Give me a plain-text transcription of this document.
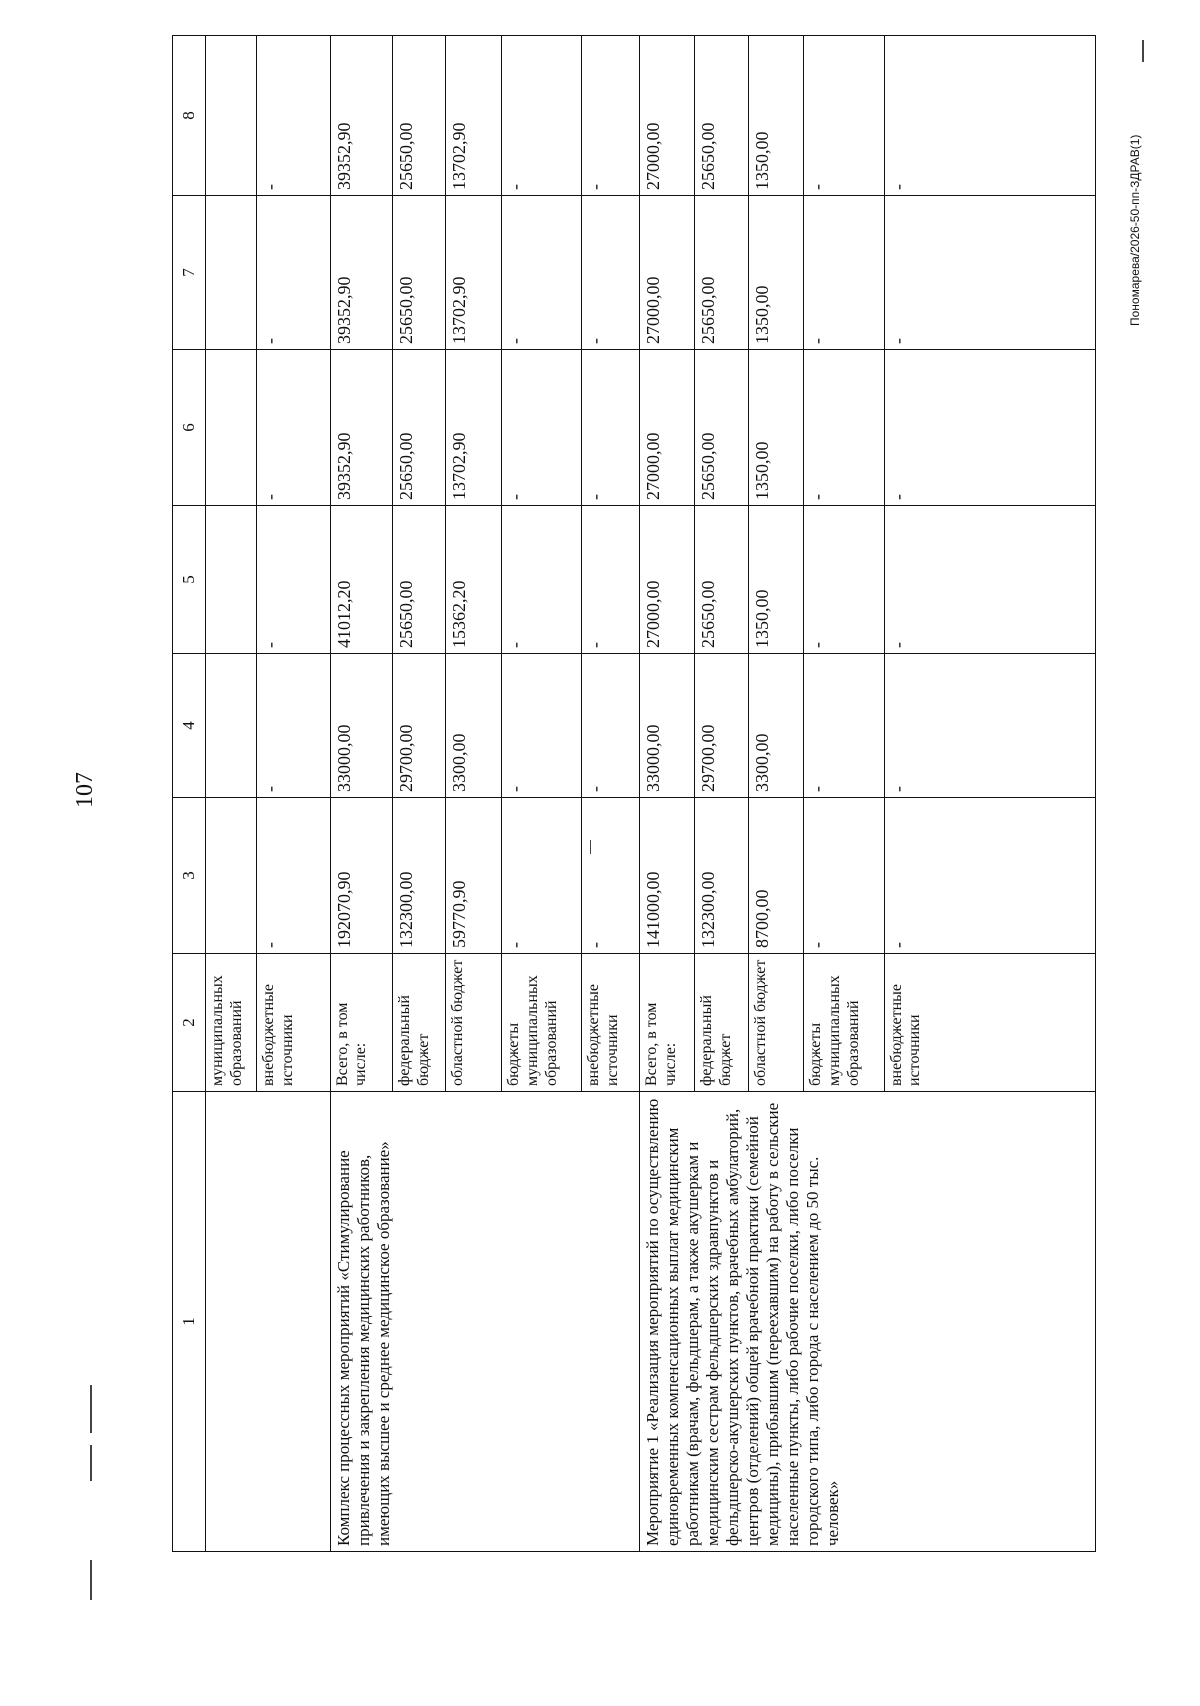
107
Пономарева/2026-50-пп-ЗДРАВ(1)
1	2	3	4	5	6	7	8
	муниципальных образований						
	внебюджетные источники	-	-	-	-	-	-
Комплекс процессных мероприятий «Стимулирование привлечения и закрепления медицинских работников, имеющих высшее и среднее медицинское образование»	Всего, в том числе:	192070,90	33000,00	41012,20	39352,90	39352,90	39352,90
	федеральный бюджет	132300,00	29700,00	25650,00	25650,00	25650,00	25650,00
	областной бюджет	59770,90	3300,00	15362,20	13702,90	13702,90	13702,90
	бюджеты муниципальных образований	-	-	-	-	-	-
	внебюджетные источники	-	-	-	-	-	-
Мероприятие 1 «Реализация мероприятий по осуществлению единовременных компенсационных выплат медицинским работникам (врачам, фельдшерам, а также акушеркам и медицинским сестрам фельдшерских здравпунктов и фельдшерско-акушерских пунктов, врачебных амбулаторий, центров (отделений) общей врачебной практики (семейной медицины), прибывшим (переехавшим) на работу в сельские населенные пункты, либо рабочие поселки, либо поселки городского типа, либо города с населением до 50 тыс. человек»	Всего, в том числе:	141000,00	33000,00	27000,00	27000,00	27000,00	27000,00
	федеральный бюджет	132300,00	29700,00	25650,00	25650,00	25650,00	25650,00
	областной бюджет	8700,00	3300,00	1350,00	1350,00	1350,00	1350,00
	бюджеты муниципальных образований	-	-	-	-	-	-
	внебюджетные источники	-	-	-	-	-	-
